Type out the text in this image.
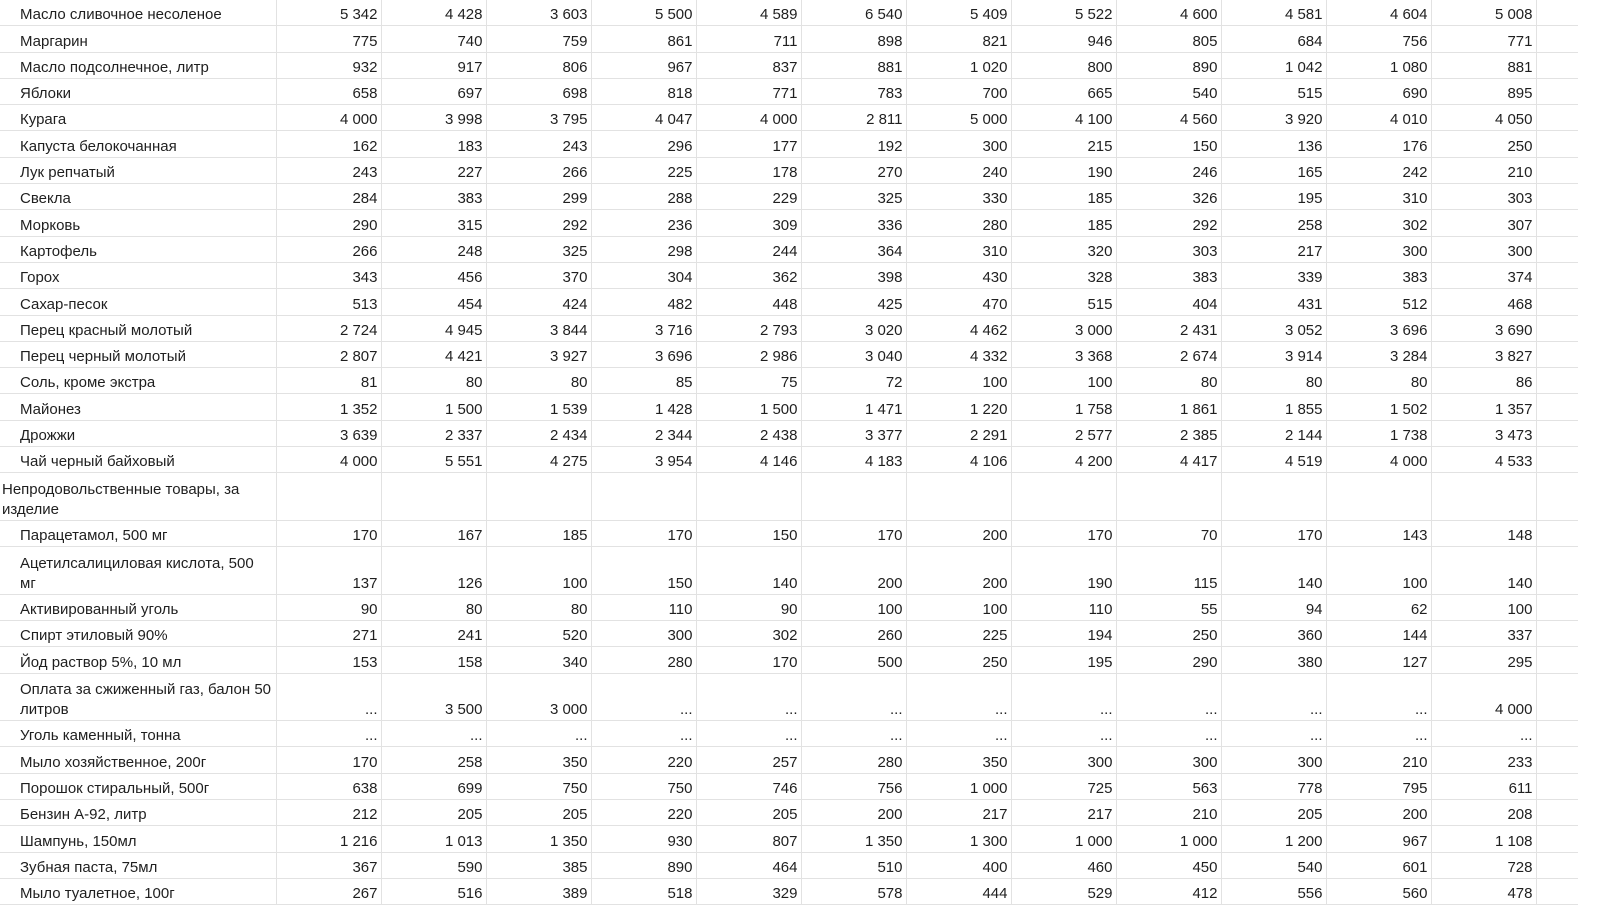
Масло сливочное несоленое	5 342	4 428	3 603	5 500	4 589	6 540	5 409	5 522	4 600	4 581	4 604	5 008	
Маргарин	775	740	759	861	711	898	821	946	805	684	756	771	
Масло подсолнечное, литр	932	917	806	967	837	881	1 020	800	890	1 042	1 080	881	
Яблоки	658	697	698	818	771	783	700	665	540	515	690	895	
Курага	4 000	3 998	3 795	4 047	4 000	2 811	5 000	4 100	4 560	3 920	4 010	4 050	
Капуста белокочанная	162	183	243	296	177	192	300	215	150	136	176	250	
Лук репчатый	243	227	266	225	178	270	240	190	246	165	242	210	
Свекла	284	383	299	288	229	325	330	185	326	195	310	303	
Морковь	290	315	292	236	309	336	280	185	292	258	302	307	
Картофель	266	248	325	298	244	364	310	320	303	217	300	300	
Горох	343	456	370	304	362	398	430	328	383	339	383	374	
Сахар-песок	513	454	424	482	448	425	470	515	404	431	512	468	
Перец красный молотый	2 724	4 945	3 844	3 716	2 793	3 020	4 462	3 000	2 431	3 052	3 696	3 690	
Перец черный молотый	2 807	4 421	3 927	3 696	2 986	3 040	4 332	3 368	2 674	3 914	3 284	3 827	
Соль, кроме экстра	81	80	80	85	75	72	100	100	80	80	80	86	
Майонез	1 352	1 500	1 539	1 428	1 500	1 471	1 220	1 758	1 861	1 855	1 502	1 357	
Дрожжи	3 639	2 337	2 434	2 344	2 438	3 377	2 291	2 577	2 385	2 144	1 738	3 473	
Чай черный байховый	4 000	5 551	4 275	3 954	4 146	4 183	4 106	4 200	4 417	4 519	4 000	4 533	
Непродовольственные товары, за изделие													
Парацетамол, 500 мг	170	167	185	170	150	170	200	170	70	170	143	148	
Ацетилсалициловая кислота, 500 мг	137	126	100	150	140	200	200	190	115	140	100	140	
Активированный уголь	90	80	80	110	90	100	100	110	55	94	62	100	
Спирт этиловый 90%	271	241	520	300	302	260	225	194	250	360	144	337	
Йод раствор 5%, 10 мл	153	158	340	280	170	500	250	195	290	380	127	295	
Оплата за сжиженный газ, балон 50 литров	...	3 500	3 000	...	...	...	...	...	...	...	...	4 000	
Уголь каменный, тонна	...	...	...	...	...	...	...	...	...	...	...	...	
Мыло хозяйственное, 200г	170	258	350	220	257	280	350	300	300	300	210	233	
Порошок стиральный, 500г	638	699	750	750	746	756	1 000	725	563	778	795	611	
Бензин А-92, литр	212	205	205	220	205	200	217	217	210	205	200	208	
Шампунь, 150мл	1 216	1 013	1 350	930	807	1 350	1 300	1 000	1 000	1 200	967	1 108	
Зубная паста, 75мл	367	590	385	890	464	510	400	460	450	540	601	728	
Мыло туалетное, 100г	267	516	389	518	329	578	444	529	412	556	560	478	
